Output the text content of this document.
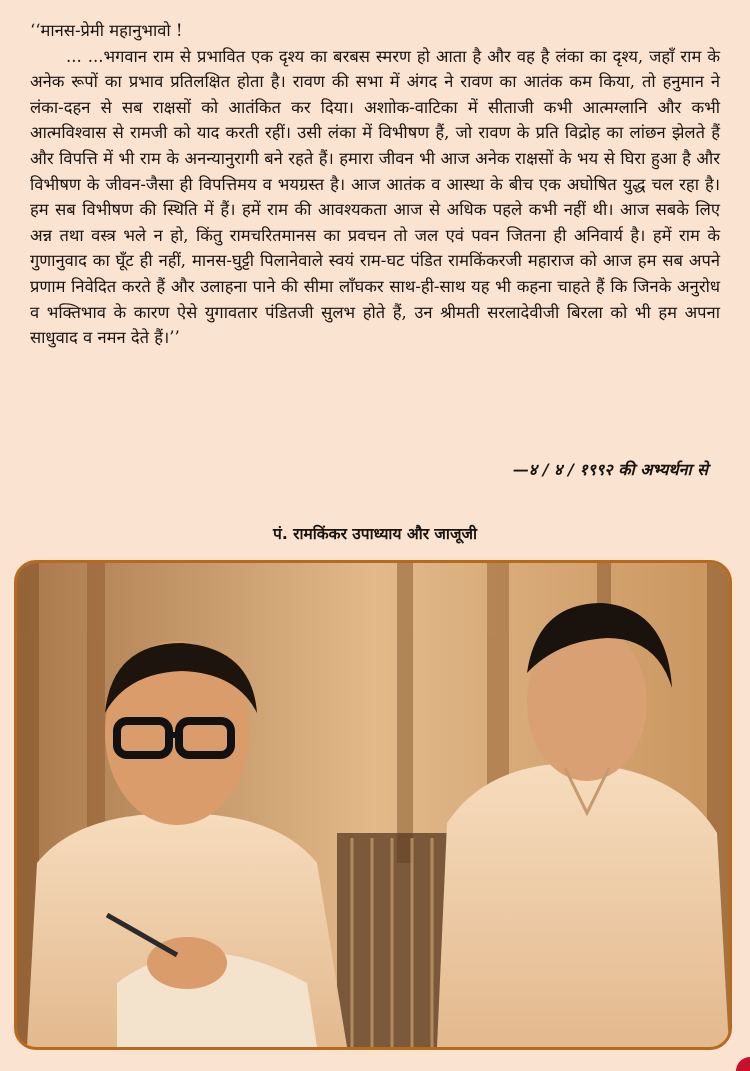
‘‘मानस-प्रेमी महानुभावो !

... ...भगवान राम से प्रभावित एक दृश्य का बरबस स्मरण हो आता है और वह है लंका का दृश्य, जहाँ राम के अनेक रूपों का प्रभाव प्रतिलक्षित होता है। रावण की सभा में अंगद ने रावण का आतंक कम किया, तो हनुमान ने लंका-दहन से सब राक्षसों को आतंकित कर दिया। अशाोक-वाटिका में सीताजी कभी आत्मग्लानि और कभी आत्मविश्वास से रामजी को याद करती रहीं। उसी लंका में विभीषण हैं, जो रावण के प्रति विद्रोह का लांछन झेलते हैं और विपत्ति में भी राम के अनन्यानुरागी बने रहते हैं। हमारा जीवन भी आज अनेक राक्षसों के भय से घिरा हुआ है और विभीषण के जीवन-जैसा ही विपत्तिमय व भयग्रस्त है। आज आतंक व आस्था के बीच एक अघोषित युद्ध चल रहा है। हम सब विभीषण की स्थिति में हैं। हमें राम की आवश्यकता आज से अधिक पहले कभी नहीं थी। आज सबके लिए अन्न तथा वस्त्र भले न हो, किंतु रामचरितमानस का प्रवचन तो जल एवं पवन जितना ही अनिवार्य है। हमें राम के गुणानुवाद का घूँट ही नहीं, मानस-घुट्टी पिलानेवाले स्वयं राम-घट पंडित रामकिंकरजी महाराज को आज हम सब अपने प्रणाम निवेदित करते हैं और उलाहना पाने की सीमा लाँघकर साथ-ही-साथ यह भी कहना चाहते हैं कि जिनके अनुरोध व भक्तिभाव के कारण ऐसे युगावतार पंडितजी सुलभ होते हैं, उन श्रीमती सरलादेवीजी बिरला को भी हम अपना साधुवाद व नमन देते हैं।’’

—४ / ४ / १९९२ की अभ्यर्थना से
पं. रामकिंकर उपाध्याय और जाजूजी
